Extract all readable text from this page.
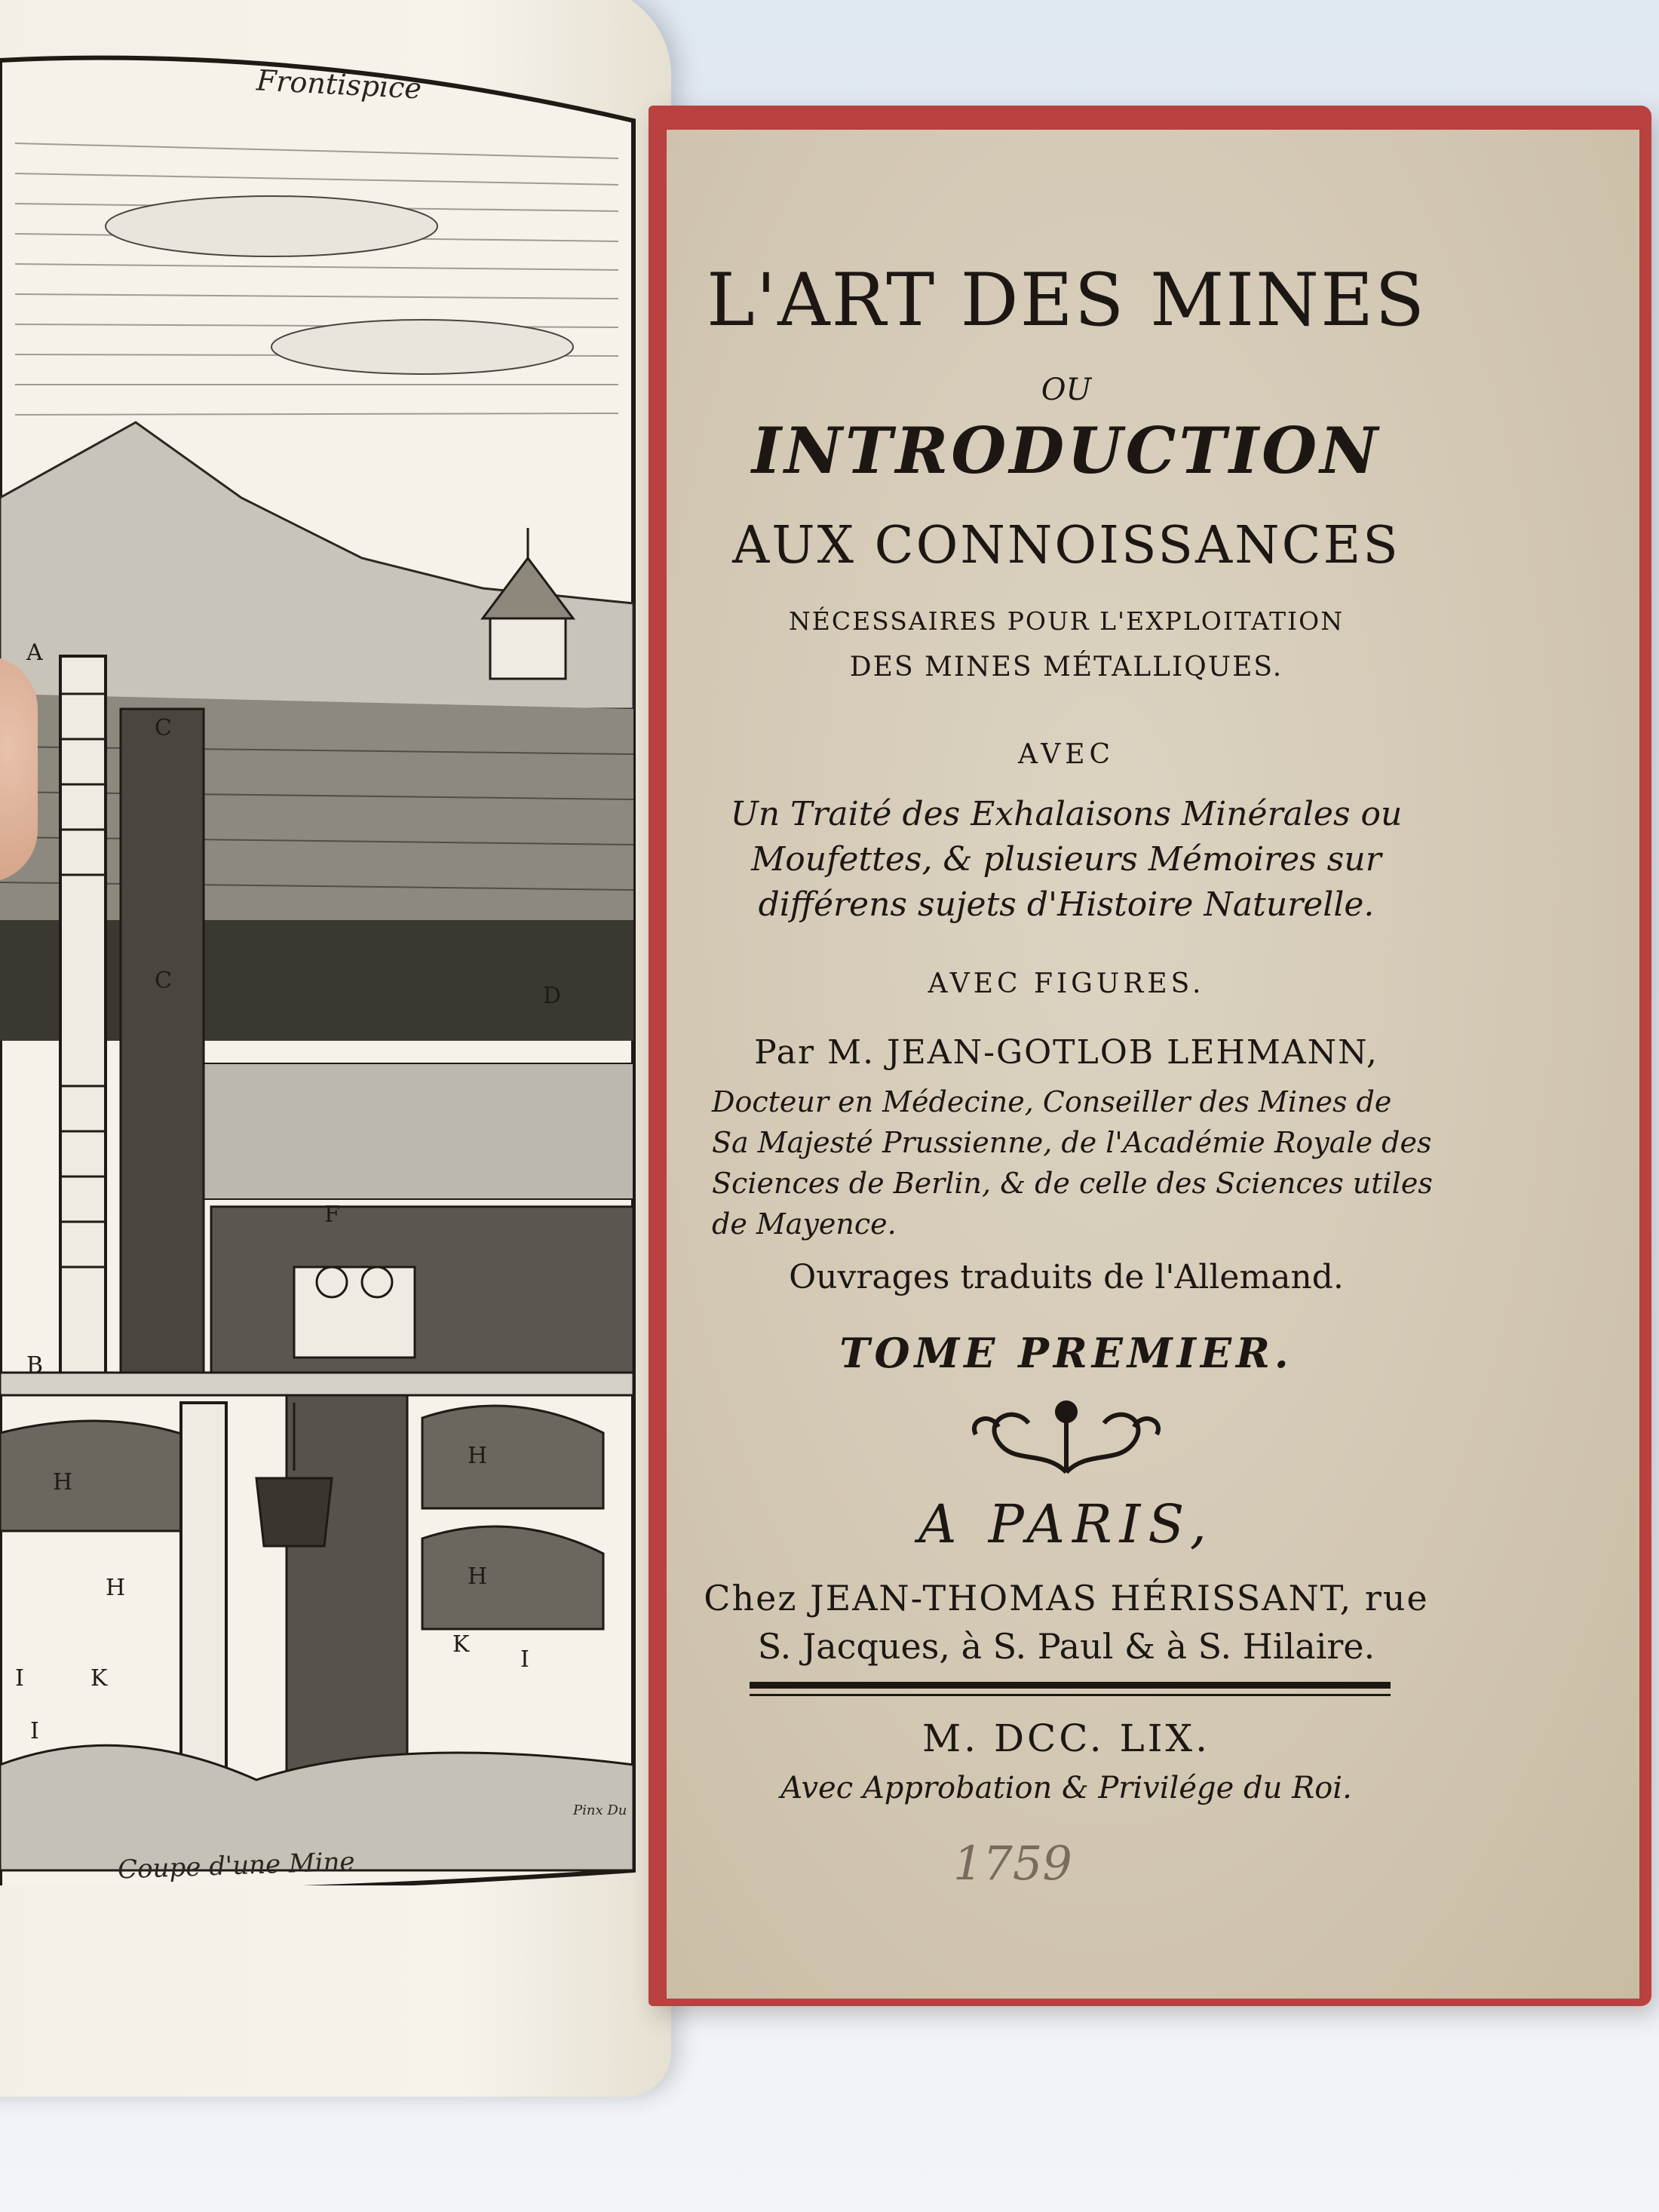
A
B
C
C
D
F
H
H
H	H
K
K
I
I
I
Frontispice
Pinx Du
Coupe d'une Mine
L'ART DES MINES
OU
INTRODUCTION
AUX CONNOISSANCES
NÉCESSAIRES POUR L'EXPLOITATION
DES MINES MÉTALLIQUES.
AVEC
Un Traité des Exhalaisons Minérales ou
Moufettes, & plusieurs Mémoires sur
différens sujets d'Histoire Naturelle.
AVEC FIGURES.
Par M. JEAN-GOTLOB LEHMANN,
Docteur en Médecine, Conseiller des Mines de
Sa Majesté Prussienne, de l'Académie Royale des
Sciences de Berlin, & de celle des Sciences utiles
de Mayence.
Ouvrages traduits de l'Allemand.
TOME PREMIER.
A PARIS,
Chez JEAN-THOMAS HÉRISSANT, rue
S. Jacques, à S. Paul & à S. Hilaire.
M. DCC. LIX.
Avec Approbation & Privilége du Roi.
1759
